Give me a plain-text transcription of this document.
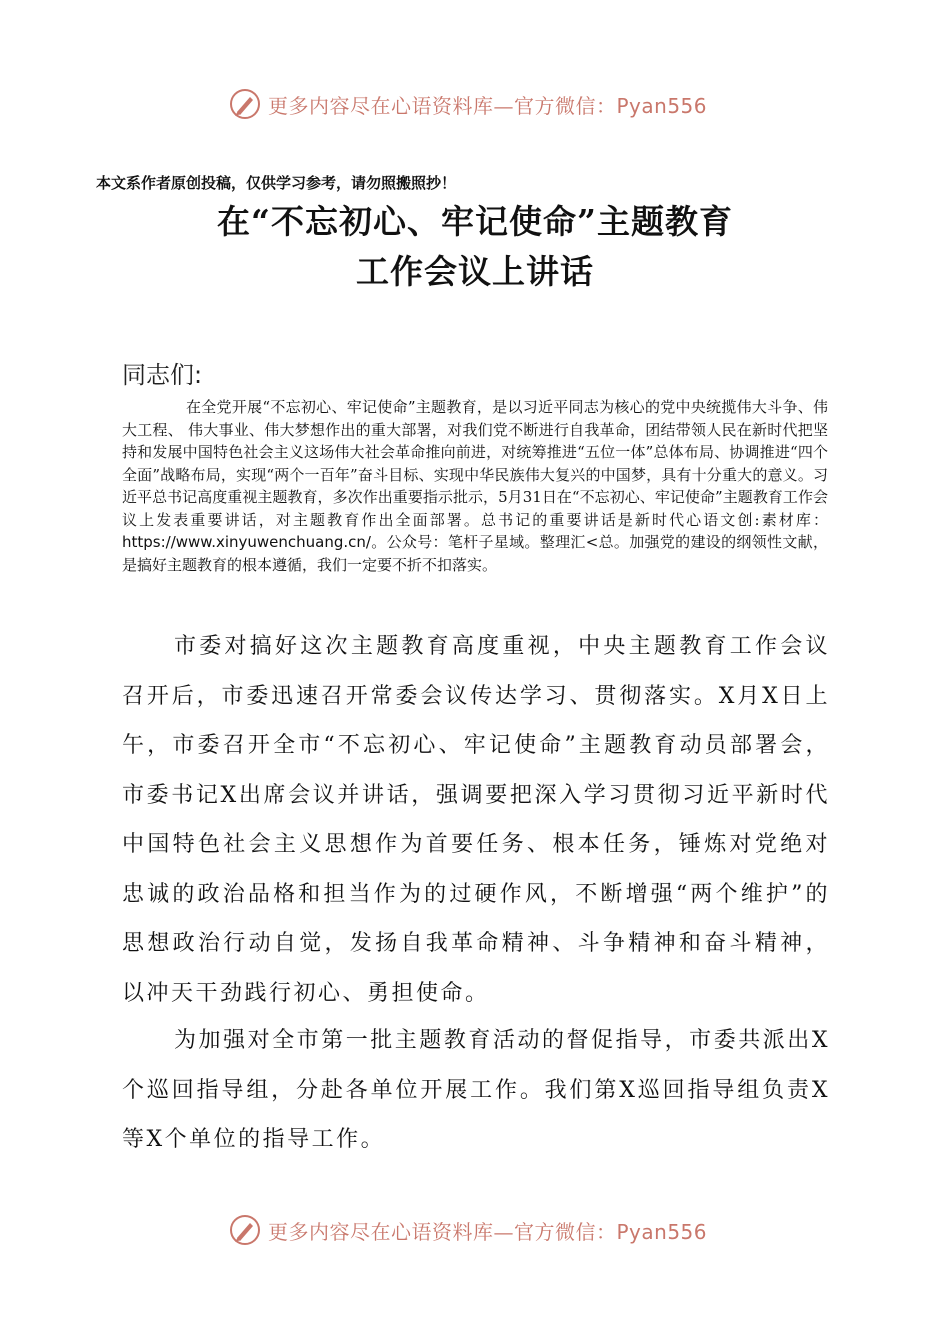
更多内容尽在心语资料库—官方微信：Pyan556
本文系作者原创投稿，仅供学习参考，请勿照搬照抄！
在“不忘初心、牢记使命”主题教育
工作会议上讲话
同志们:
在全党开展“不忘初心、牢记使命”主题教育，是以习近平同志为核心的党中央统揽伟大斗争、伟大工程、 伟大事业、伟大梦想作出的重大部署，对我们党不断进行自我革命，团结带领人民在新时代把坚持和发展中国特色社会主义这场伟大社会革命推向前进，对统筹推进“五位一体”总体布局、协调推进“四个全面”战略布局，实现“两个一百年”奋斗目标、实现中华民族伟大复兴的中国梦，具有十分重大的意义。习近平总书记高度重视主题教育，多次作出重要指示批示，5月31日在“不忘初心、牢记使命”主题教育工作会议上发表重要讲话，对主题教育作出全面部署。总书记的重要讲话是新时代心语文创:素材库：https://www.xinyuwenchuang.cn/。公众号：笔杆子星域。整理汇<总。加强党的建设的纲领性文献，是搞好主题教育的根本遵循，我们一定要不折不扣落实。
市委对搞好这次主题教育高度重视，中央主题教育工作会议召开后，市委迅速召开常委会议传达学习、贯彻落实。X月X日上午，市委召开全市“不忘初心、牢记使命”主题教育动员部署会，市委书记X出席会议并讲话，强调要把深入学习贯彻习近平新时代中国特色社会主义思想作为首要任务、根本任务，锤炼对党绝对忠诚的政治品格和担当作为的过硬作风，不断增强“两个维护”的思想政治行动自觉，发扬自我革命精神、斗争精神和奋斗精神，以冲天干劲践行初心、勇担使命。
为加强对全市第一批主题教育活动的督促指导，市委共派出X个巡回指导组，分赴各单位开展工作。我们第X巡回指导组负责X等X个单位的指导工作。
更多内容尽在心语资料库—官方微信：Pyan556
